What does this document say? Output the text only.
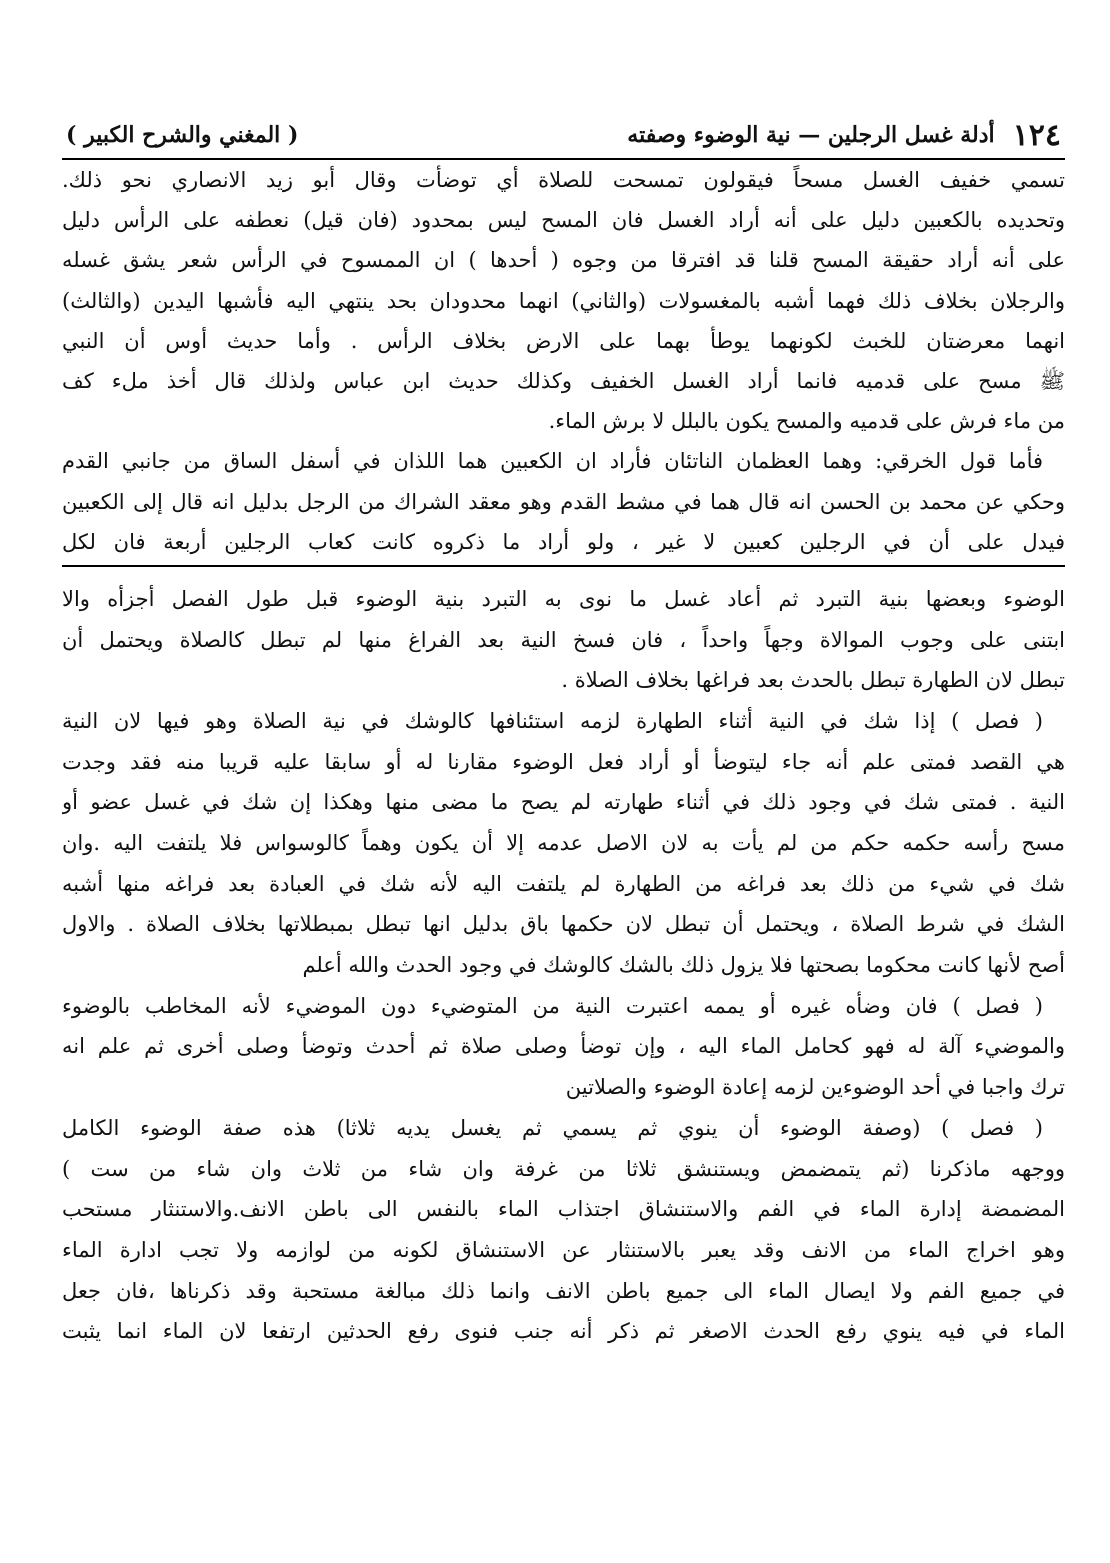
١٢٤
أدلة غسل الرجلين — نية الوضوء وصفته
( المغني والشرح الكبير )

تسمي خفيف الغسل مسحاً فيقولون تمسحت للصلاة أي توضأت وقال أبو زيد الانصاري نحو ذلك.

وتحديده بالكعبين دليل على أنه أراد الغسل فان المسح ليس بمحدود (فان قيل) نعطفه على الرأس دليل

على أنه أراد حقيقة المسح قلنا قد افترقا من وجوه ( أحدها ) ان الممسوح في الرأس شعر يشق غسله

والرجلان بخلاف ذلك فهما أشبه بالمغسولات (والثاني) انهما محدودان بحد ينتهي اليه فأشبها اليدين (والثالث)

انهما معرضتان للخبث لكونهما يوطأ بهما على الارض بخلاف الرأس . وأما حديث أوس أن النبي

ﷺ مسح على قدميه فانما أراد الغسل الخفيف وكذلك حديث ابن عباس ولذلك قال أخذ ملء كف

من ماء فرش على قدميه والمسح يكون بالبلل لا برش الماء.

فأما قول الخرقي: وهما العظمان الناتئان فأراد ان الكعبين هما اللذان في أسفل الساق من جانبي القدم

وحكي عن محمد بن الحسن انه قال هما في مشط القدم وهو معقد الشراك من الرجل بدليل انه قال إلى الكعبين

فيدل على أن في الرجلين كعبين لا غير ، ولو أراد ما ذكروه كانت كعاب الرجلين أربعة فان لكل

الوضوء وبعضها بنية التبرد ثم أعاد غسل ما نوى به التبرد بنية الوضوء قبل طول الفصل أجزأه والا

ابتنى على وجوب الموالاة وجهاً واحداً ، فان فسخ النية بعد الفراغ منها لم تبطل كالصلاة ويحتمل أن

تبطل لان الطهارة تبطل بالحدث بعد فراغها بخلاف الصلاة .

( فصل ) إذا شك في النية أثناء الطهارة لزمه استئنافها كالوشك في نية الصلاة وهو فيها لان النية

هي القصد فمتى علم أنه جاء ليتوضأ أو أراد فعل الوضوء مقارنا له أو سابقا عليه قريبا منه فقد وجدت

النية . فمتى شك في وجود ذلك في أثناء طهارته لم يصح ما مضى منها وهكذا إن شك في غسل عضو أو

مسح رأسه حكمه حكم من لم يأت به لان الاصل عدمه إلا أن يكون وهماً كالوسواس فلا يلتفت اليه .وان

شك في شيء من ذلك بعد فراغه من الطهارة لم يلتفت اليه لأنه شك في العبادة بعد فراغه منها أشبه

الشك في شرط الصلاة ، ويحتمل أن تبطل لان حكمها باق بدليل انها تبطل بمبطلاتها بخلاف الصلاة . والاول

أصح لأنها كانت محكوما بصحتها فلا يزول ذلك بالشك كالوشك في وجود الحدث والله أعلم

( فصل ) فان وضأه غيره أو يممه اعتبرت النية من المتوضيء دون الموضيء لأنه المخاطب بالوضوء

والموضيء آلة له فهو كحامل الماء اليه ، وإن توضأ وصلى صلاة ثم أحدث وتوضأ وصلى أخرى ثم علم انه

ترك واجبا في أحد الوضوءين لزمه إعادة الوضوء والصلاتين

( فصل ) (وصفة الوضوء أن ينوي ثم يسمي ثم يغسل يديه ثلاثا) هذه صفة الوضوء الكامل

ووجهه ماذكرنا (ثم يتمضمض ويستنشق ثلاثا من غرفة وان شاء من ثلاث وان شاء من ست )

المضمضة إدارة الماء في الفم والاستنشاق اجتذاب الماء بالنفس الى باطن الانف.والاستنثار مستحب

وهو اخراج الماء من الانف وقد يعبر بالاستنثار عن الاستنشاق لكونه من لوازمه ولا تجب ادارة الماء

في جميع الفم ولا ايصال الماء الى جميع باطن الانف وانما ذلك مبالغة مستحبة وقد ذكرناها ،فان جعل

الماء في فيه ينوي رفع الحدث الاصغر ثم ذكر أنه جنب فنوى رفع الحدثين ارتفعا لان الماء انما يثبت
